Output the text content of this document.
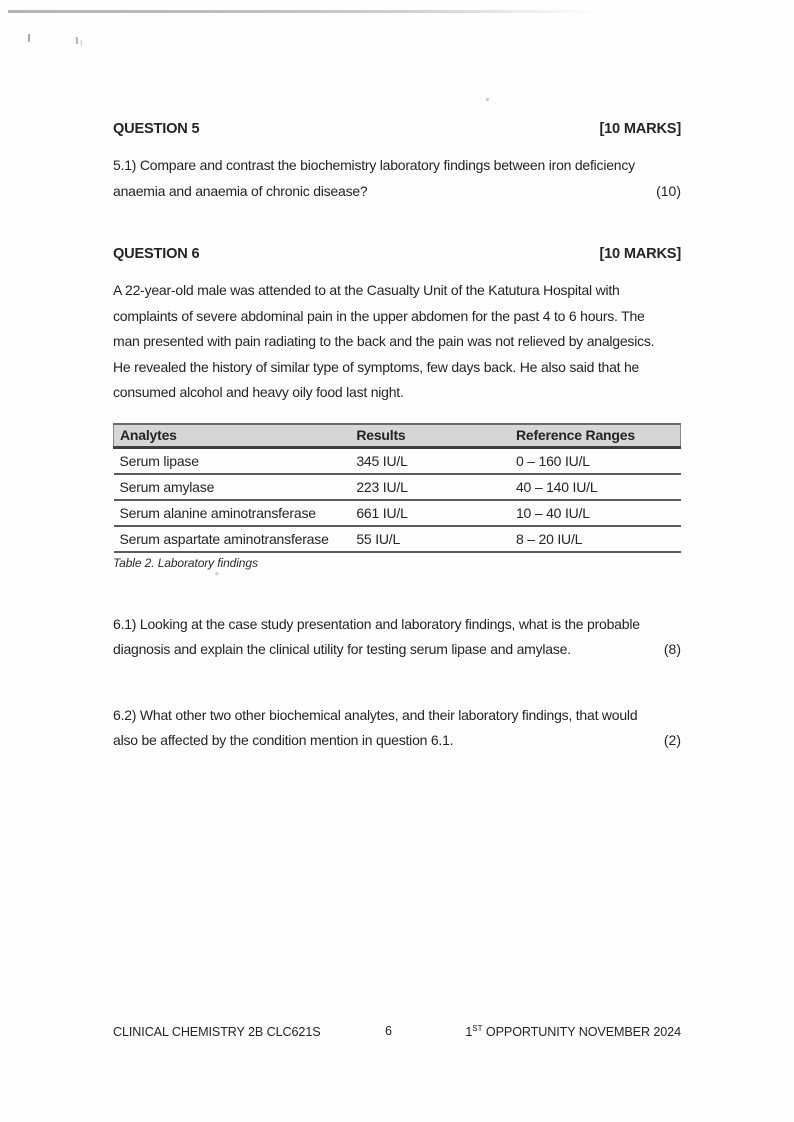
QUESTION 5	[10 MARKS]
5.1) Compare and contrast the biochemistry laboratory findings between iron deficiency
anaemia and anaemia of chronic disease?	(10)
QUESTION 6	[10 MARKS]
A 22-year-old male was attended to at the Casualty Unit of the Katutura Hospital with
complaints of severe abdominal pain in the upper abdomen for the past 4 to 6 hours. The
man presented with pain radiating to the back and the pain was not relieved by analgesics.
He revealed the history of similar type of symptoms, few days back. He also said that he
consumed alcohol and heavy oily food last night.
Analytes	Results	Reference Ranges
Serum lipase	345 IU/L	0 – 160 IU/L
Serum amylase	223 IU/L	40 – 140 IU/L
Serum alanine aminotransferase	661 IU/L	10 – 40 IU/L
Serum aspartate aminotransferase	55 IU/L	8 – 20 IU/L
Table 2. Laboratory findings
6.1) Looking at the case study presentation and laboratory findings, what is the probable
diagnosis and explain the clinical utility for testing serum lipase and amylase.	(8)
6.2) What other two other biochemical analytes, and their laboratory findings, that would
also be affected by the condition mention in question 6.1.	(2)
CLINICAL CHEMISTRY 2B CLC621S	6	1ST OPPORTUNITY NOVEMBER 2024
